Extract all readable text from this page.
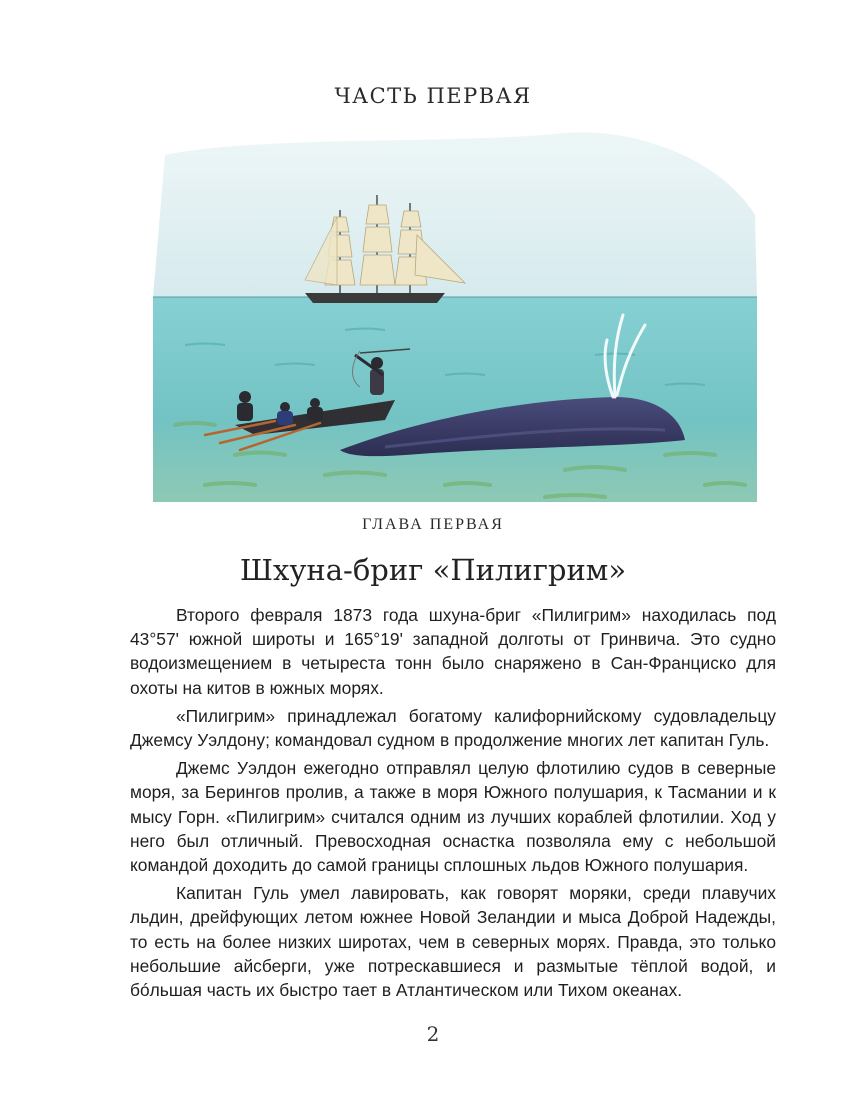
ЧАСТЬ ПЕРВАЯ
ГЛАВА ПЕРВАЯ
Шхуна-бриг «Пилигрим»

Второго февраля 1873 года шхуна-бриг «Пилигрим» находилась под 43°57' южной широты и 165°19' западной долготы от Гринвича. Это судно водоизмещением в четыреста тонн было снаряжено в Сан-Франциско для охоты на китов в южных морях.

«Пилигрим» принадлежал богатому калифорнийскому судовладельцу Джемсу Уэлдону; командовал судном в продолжение многих лет капитан Гуль.

Джемс Уэлдон ежегодно отправлял целую флотилию судов в северные моря, за Берингов пролив, а также в моря Южного полушария, к Тасмании и к мысу Горн. «Пилигрим» считался одним из лучших кораблей флотилии. Ход у него был отличный. Превосходная оснастка позволяла ему с небольшой командой доходить до самой границы сплошных льдов Южного полушария.

Капитан Гуль умел лавировать, как говорят моряки, среди плавучих льдин, дрейфующих летом южнее Новой Зеландии и мыса Доброй Надежды, то есть на более низких широтах, чем в северных морях. Правда, это только небольшие айсберги, уже потрескавшиеся и размытые тёплой водой, и бóльшая часть их быстро тает в Атлантическом или Тихом океанах.

2
